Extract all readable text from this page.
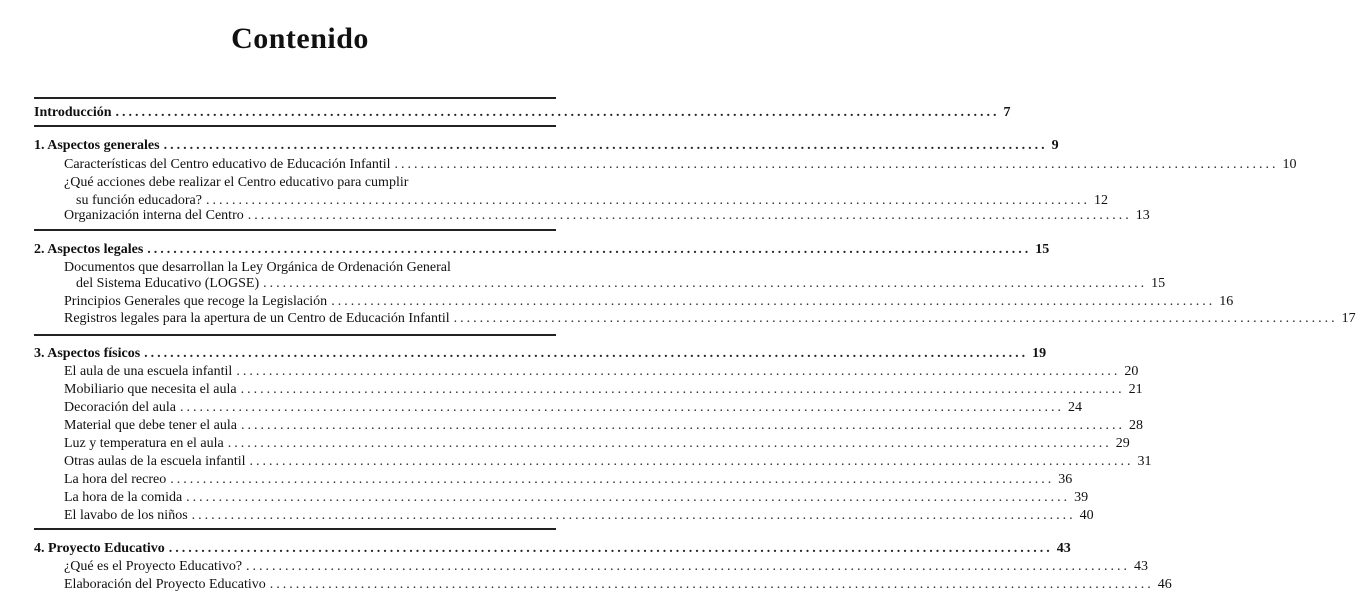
Contenido
Introducción ........................................................................................................................................ 7
1. Aspectos generales ........................................................................................................................................ 9
Características del Centro educativo de Educación Infantil ........................................................................................................................................ 10
¿Qué acciones debe realizar el Centro educativo para cumplir
su función educadora? ........................................................................................................................................ 12
Organización interna del Centro ........................................................................................................................................ 13
2. Aspectos legales ........................................................................................................................................ 15
Documentos que desarrollan la Ley Orgánica de Ordenación General
del Sistema Educativo (LOGSE) ........................................................................................................................................ 15
Principios Generales que recoge la Legislación ........................................................................................................................................ 16
Registros legales para la apertura de un Centro de Educación Infantil ........................................................................................................................................ 17
3. Aspectos físicos ........................................................................................................................................ 19
El aula de una escuela infantil ........................................................................................................................................ 20
Mobiliario que necesita el aula ........................................................................................................................................ 21
Decoración del aula ........................................................................................................................................ 24
Material que debe tener el aula ........................................................................................................................................ 28
Luz y temperatura en el aula ........................................................................................................................................ 29
Otras aulas de la escuela infantil ........................................................................................................................................ 31
La hora del recreo ........................................................................................................................................ 36
La hora de la comida ........................................................................................................................................ 39
El lavabo de los niños ........................................................................................................................................ 40
4. Proyecto Educativo ........................................................................................................................................ 43
¿Qué es el Proyecto Educativo? ........................................................................................................................................ 43
Elaboración del Proyecto Educativo ........................................................................................................................................ 46
